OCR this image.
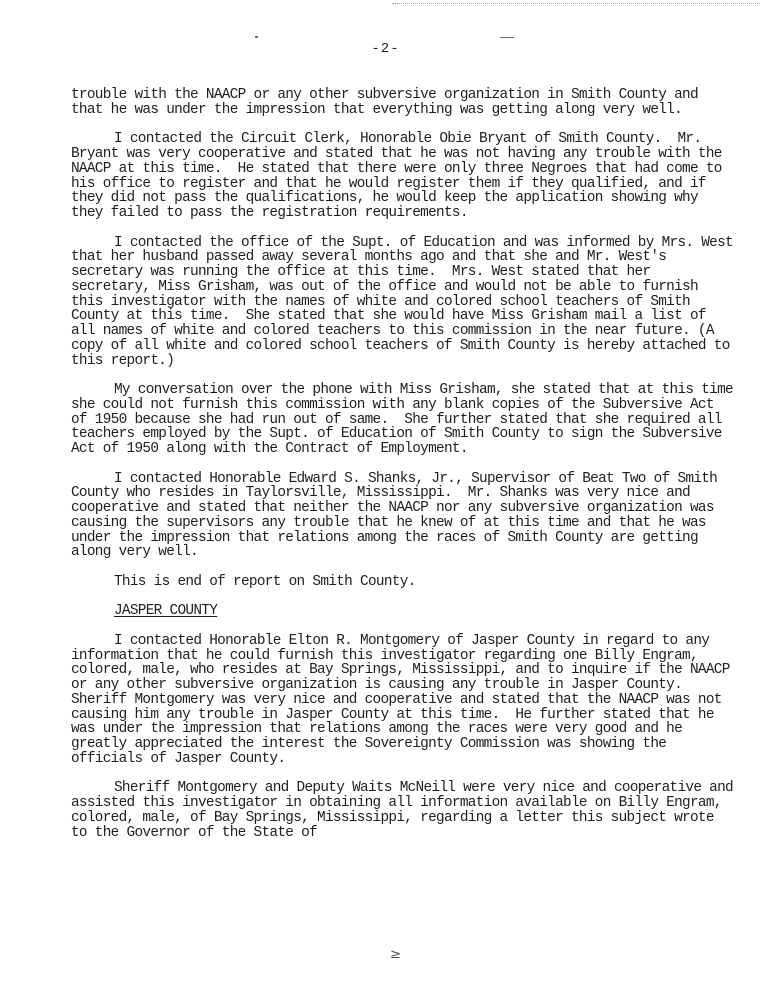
-2-

trouble with the NAACP or any other subversive organization in Smith County and that he was under the impression that everything was getting along very well.

I contacted the Circuit Clerk, Honorable Obie Bryant of Smith County.  Mr. Bryant was very cooperative and stated that he was not having any trouble with the NAACP at this time.  He stated that there were only three Negroes that had come to his office to register and that he would register them if they qualified, and if they did not pass the qualifications, he would keep the application showing why they failed to pass the registration requirements.

I contacted the office of the Supt. of Education and was informed by Mrs. West that her husband passed away several months ago and that she and Mr. West's secretary was running the office at this time.  Mrs. West stated that her secretary, Miss Grisham, was out of the office and would not be able to furnish this investigator with the names of white and colored school teachers of Smith County at this time.  She stated that she would have Miss Grisham mail a list of all names of white and colored teachers to this commission in the near future. (A copy of all white and colored school teachers of Smith County is hereby attached to this report.)

My conversation over the phone with Miss Grisham, she stated that at this time she could not furnish this commission with any blank copies of the Subversive Act of 1950 because she had run out of same.  She further stated that she required all teachers employed by the Supt. of Education of Smith County to sign the Subversive Act of 1950 along with the Contract of Employment.

I contacted Honorable Edward S. Shanks, Jr., Supervisor of Beat Two of Smith County who resides in Taylorsville, Mississippi.  Mr. Shanks was very nice and cooperative and stated that neither the NAACP nor any subversive organization was causing the supervisors any trouble that he knew of at this time and that he was under the impression that relations among the races of Smith County are getting along very well.

This is end of report on Smith County.

JASPER COUNTY

I contacted Honorable Elton R. Montgomery of Jasper County in regard to any information that he could furnish this investigator regarding one Billy Engram, colored, male, who resides at Bay Springs, Mississippi, and to inquire if the NAACP or any other subversive organization is causing any trouble in Jasper County.  Sheriff Montgomery was very nice and cooperative and stated that the NAACP was not causing him any trouble in Jasper County at this time.  He further stated that he was under the impression that relations among the races were very good and he greatly appreciated the interest the Sovereignty Commission was showing the officials of Jasper County.

Sheriff Montgomery and Deputy Waits McNeill were very nice and cooperative and assisted this investigator in obtaining all information available on Billy Engram, colored, male, of Bay Springs, Mississippi, regarding a letter this subject wrote to the Governor of the State of

≥
